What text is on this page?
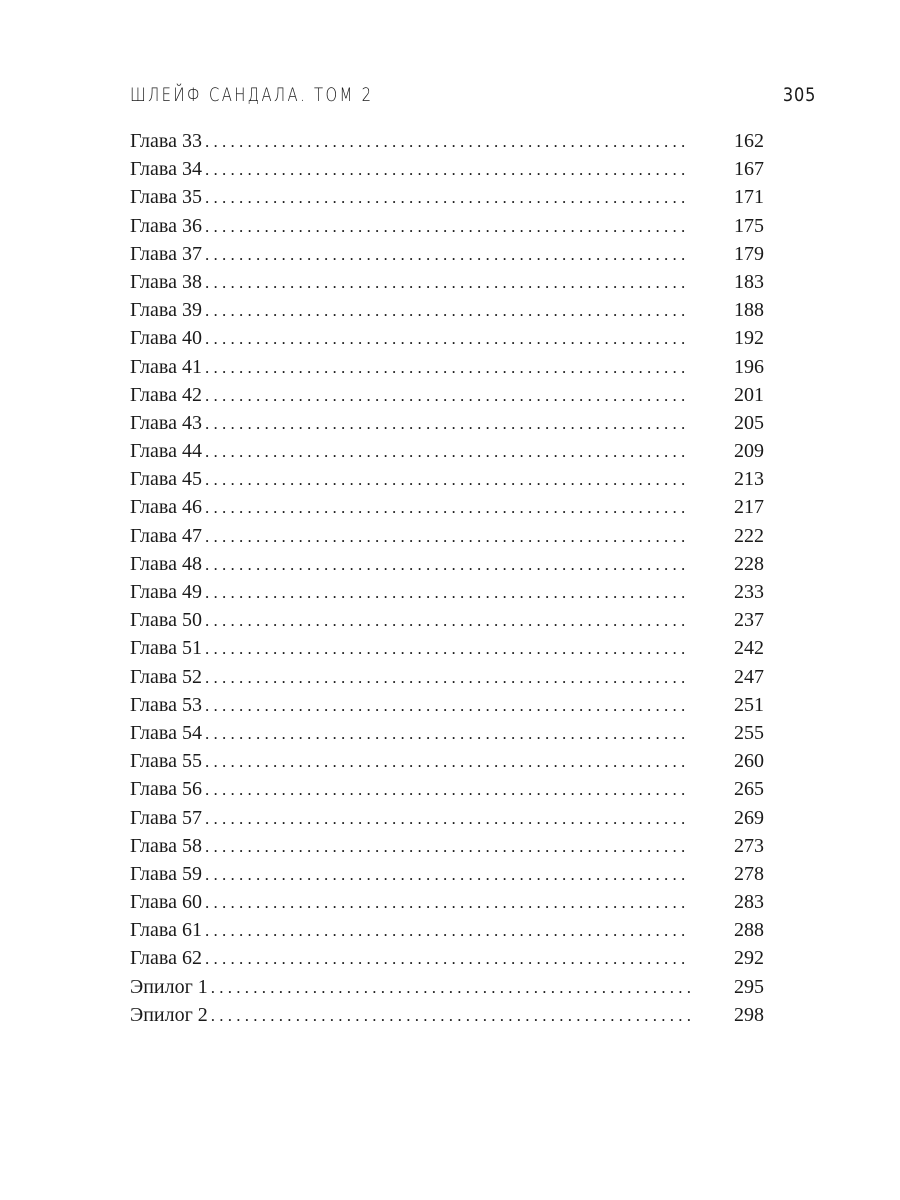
ШЛЕЙФ САНДАЛА. ТОМ 2	305
Глава 33 . . .	162
Глава 34 . . .	167
Глава 35 . . .	171
Глава 36 . . .	175
Глава 37 . . .	179
Глава 38 . . .	183
Глава 39 . . .	188
Глава 40 . . .	192
Глава 41 . . .	196
Глава 42 . . .	201
Глава 43 . . .	205
Глава 44 . . .	209
Глава 45 . . .	213
Глава 46 . . .	217
Глава 47 . . .	222
Глава 48 . . .	228
Глава 49 . . .	233
Глава 50 . . .	237
Глава 51 . . .	242
Глава 52 . . .	247
Глава 53 . . .	251
Глава 54 . . .	255
Глава 55 . . .	260
Глава 56 . . .	265
Глава 57 . . .	269
Глава 58 . . .	273
Глава 59 . . .	278
Глава 60 . . .	283
Глава 61 . . .	288
Глава 62 . . .	292
Эпилог 1 . . .	295
Эпилог 2 . . .	298
